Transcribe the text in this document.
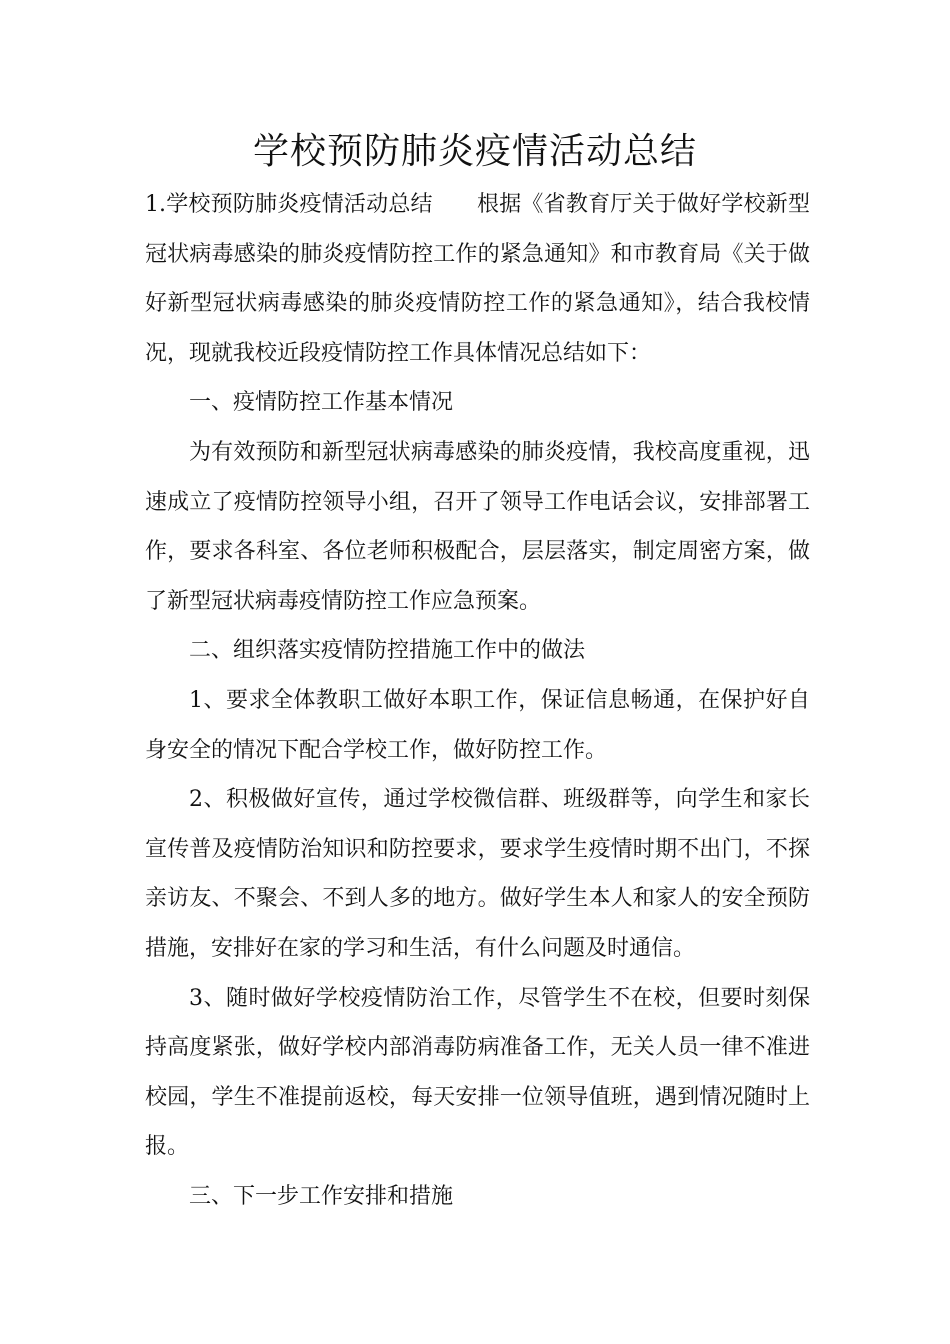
学校预防肺炎疫情活动总结

1.学校预防肺炎疫情活动总结 根据《省教育厅关于做好学校新型冠状病毒感染的肺炎疫情防控工作的紧急通知》和市教育局《关于做好新型冠状病毒感染的肺炎疫情防控工作的紧急通知》，结合我校情况，现就我校近段疫情防控工作具体情况总结如下：

一、疫情防控工作基本情况

为有效预防和新型冠状病毒感染的肺炎疫情，我校高度重视，迅速成立了疫情防控领导小组，召开了领导工作电话会议，安排部署工作，要求各科室、各位老师积极配合，层层落实，制定周密方案，做了新型冠状病毒疫情防控工作应急预案。

二、组织落实疫情防控措施工作中的做法

1、要求全体教职工做好本职工作，保证信息畅通，在保护好自身安全的情况下配合学校工作，做好防控工作。

2、积极做好宣传，通过学校微信群、班级群等，向学生和家长宣传普及疫情防治知识和防控要求，要求学生疫情时期不出门，不探亲访友、不聚会、不到人多的地方。做好学生本人和家人的安全预防措施，安排好在家的学习和生活，有什么问题及时通信。

3、随时做好学校疫情防治工作，尽管学生不在校，但要时刻保持高度紧张，做好学校内部消毒防病准备工作，无关人员一律不准进校园，学生不准提前返校，每天安排一位领导值班，遇到情况随时上报。

三、下一步工作安排和措施
